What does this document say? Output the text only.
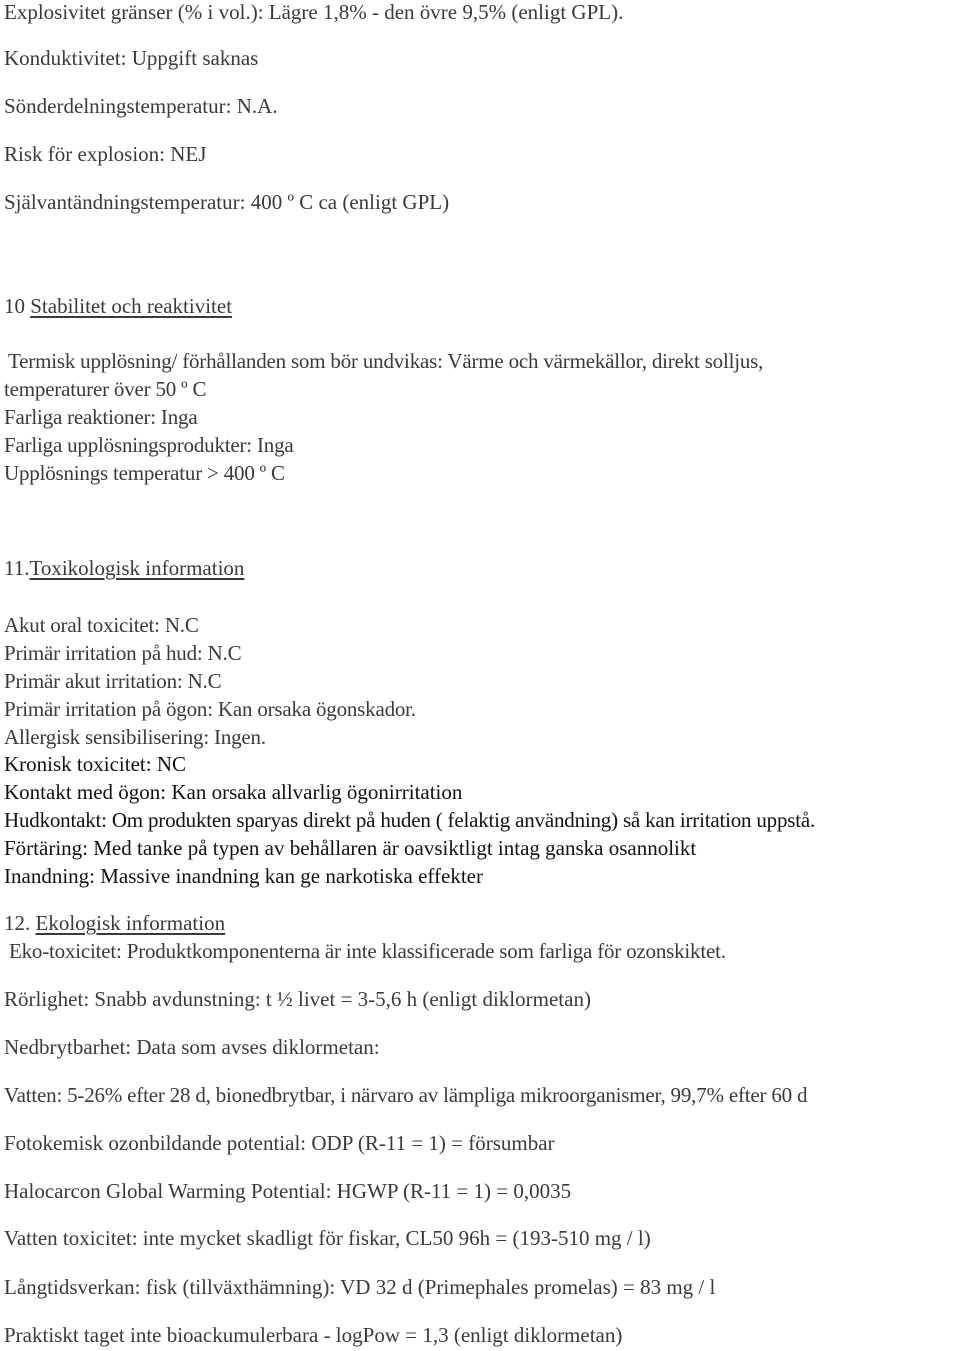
Explosivitet gränser (% i vol.): Lägre 1,8% - den övre 9,5% (enligt GPL).
Konduktivitet: Uppgift saknas
Sönderdelningstemperatur: N.A.
Risk för explosion: NEJ
Självantändningstemperatur: 400 º C ca (enligt GPL)
10 Stabilitet och reaktivitet
Termisk upplösning/ förhållanden som bör undvikas: Värme och värmekällor, direkt solljus,
temperaturer över 50 º C
Farliga reaktioner: Inga
Farliga upplösningsprodukter: Inga
Upplösnings temperatur > 400 º C
11.Toxikologisk information
Akut oral toxicitet: N.C
Primär irritation på hud: N.C
Primär akut irritation: N.C
Primär irritation på ögon: Kan orsaka ögonskador.
Allergisk sensibilisering: Ingen.
Kronisk toxicitet: NC
Kontakt med ögon: Kan orsaka allvarlig ögonirritation
Hudkontakt: Om produkten sparyas direkt på huden ( felaktig användning) så kan irritation uppstå.
Förtäring: Med tanke på typen av behållaren är oavsiktligt intag ganska osannolikt
Inandning: Massive inandning kan ge narkotiska effekter
12. Ekologisk information
Eko-toxicitet: Produktkomponenterna är inte klassificerade som farliga för ozonskiktet.
Rörlighet: Snabb avdunstning: t ½ livet = 3-5,6 h (enligt diklormetan)
Nedbrytbarhet: Data som avses diklormetan:
Vatten: 5-26% efter 28 d, bionedbrytbar, i närvaro av lämpliga mikroorganismer, 99,7% efter 60 d
Fotokemisk ozonbildande potential: ODP (R-11 = 1) = försumbar
Halocarcon Global Warming Potential: HGWP (R-11 = 1) = 0,0035
Vatten toxicitet: inte mycket skadligt för fiskar, CL50 96h = (193-510 mg / l)
Långtidsverkan: fisk (tillväxthämning): VD 32 d (Primephales promelas) = 83 mg / l
Praktiskt taget inte bioackumulerbara - logPow = 1,3 (enligt diklormetan)
